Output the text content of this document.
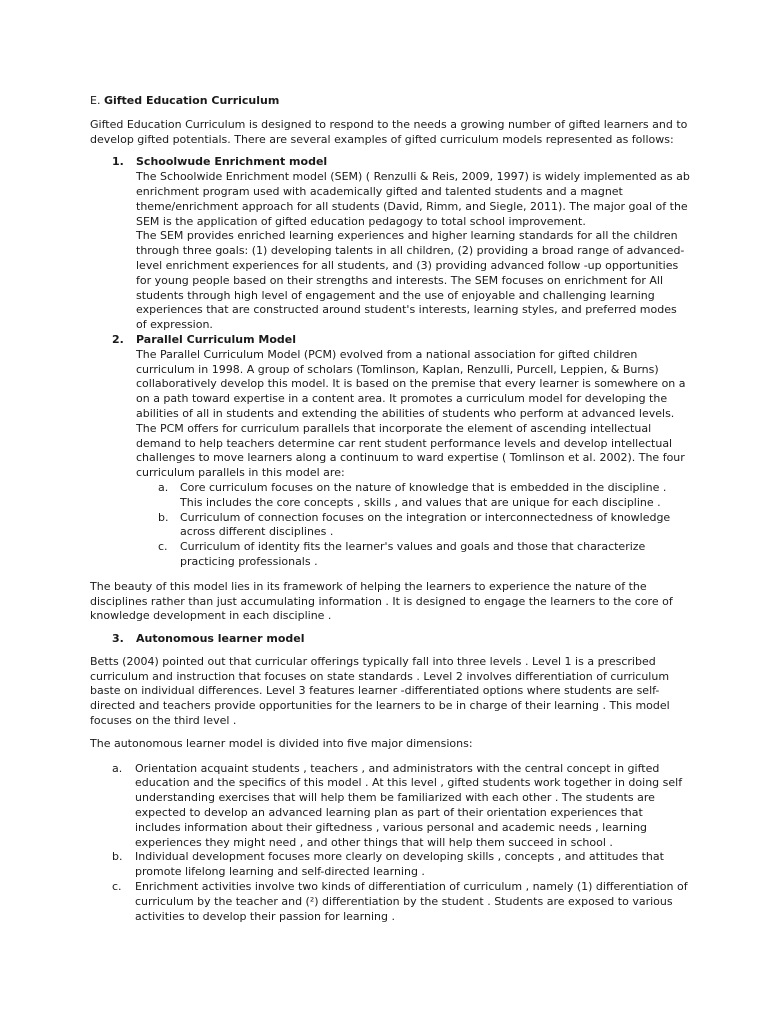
E. Gifted Education Curriculum

Gifted Education Curriculum is designed to respond to the needs a growing number of gifted learners and to develop gifted potentials. There are several examples of gifted curriculum models represented as follows:

1. Schoolwude Enrichment model

The Schoolwide Enrichment model (SEM) ( Renzulli & Reis, 2009, 1997) is widely implemented as ab enrichment program used with academically gifted and talented students and a magnet theme/enrichment approach for all students (David, Rimm, and Siegle, 2011). The major goal of the SEM is the application of gifted education pedagogy to total school improvement.

The SEM provides enriched learning experiences and higher learning standards for all the children through three goals: (1) developing talents in all children, (2) providing a broad range of advanced- level enrichment experiences for all students, and (3) providing advanced follow -up opportunities for young people based on their strengths and interests. The SEM focuses on enrichment for All students through high level of engagement and the use of enjoyable and challenging learning experiences that are constructed around student's interests, learning styles, and preferred modes of expression.

2. Parallel Curriculum Model

The Parallel Curriculum Model (PCM) evolved from a national association for gifted children curriculum in 1998. A group of scholars (Tomlinson, Kaplan, Renzulli, Purcell, Leppien, & Burns) collaboratively develop this model. It is based on the premise that every learner is somewhere on a on a path toward expertise in a content area. It promotes a curriculum model for developing the abilities of all in students and extending the abilities of students who perform at advanced levels. The PCM offers for curriculum parallels that incorporate the element of ascending intellectual demand to help teachers determine car rent student performance levels and develop intellectual challenges to move learners along a continuum to ward expertise ( Tomlinson et al. 2002). The four curriculum parallels in this model are:

a. Core curriculum focuses on the nature of knowledge that is embedded in the discipline . This includes the core concepts , skills , and values that are unique for each discipline .

b. Curriculum of connection focuses on the integration or interconnectedness of knowledge across different disciplines .

c. Curriculum of identity fits the learner's values and goals and those that characterize practicing professionals .

The beauty of this model lies in its framework of helping the learners to experience the nature of the disciplines rather than just accumulating information . It is designed to engage the learners to the core of knowledge development in each discipline .

3. Autonomous learner model

Betts (2004) pointed out that curricular offerings typically fall into three levels . Level 1 is a prescribed curriculum and instruction that focuses on state standards . Level 2 involves differentiation of curriculum baste on individual differences. Level 3 features learner -differentiated options where students are self-directed and teachers provide opportunities for the learners to be in charge of their learning . This model focuses on the third level .

The autonomous learner model is divided into five major dimensions:

a. Orientation acquaint students , teachers , and administrators with the central concept in gifted education and the specifics of this model . At this level , gifted students work together in doing self understanding exercises that will help them be familiarized with each other . The students are expected to develop an advanced learning plan as part of their orientation experiences that includes information about their giftedness , various personal and academic needs , learning experiences they might need , and other things that will help them succeed in school .

b. Individual development focuses more clearly on developing skills , concepts , and attitudes that promote lifelong learning and self-directed learning .

c. Enrichment activities involve two kinds of differentiation of curriculum , namely (1) differentiation of curriculum by the teacher and (²) differentiation by the student . Students are exposed to various activities to develop their passion for learning .
